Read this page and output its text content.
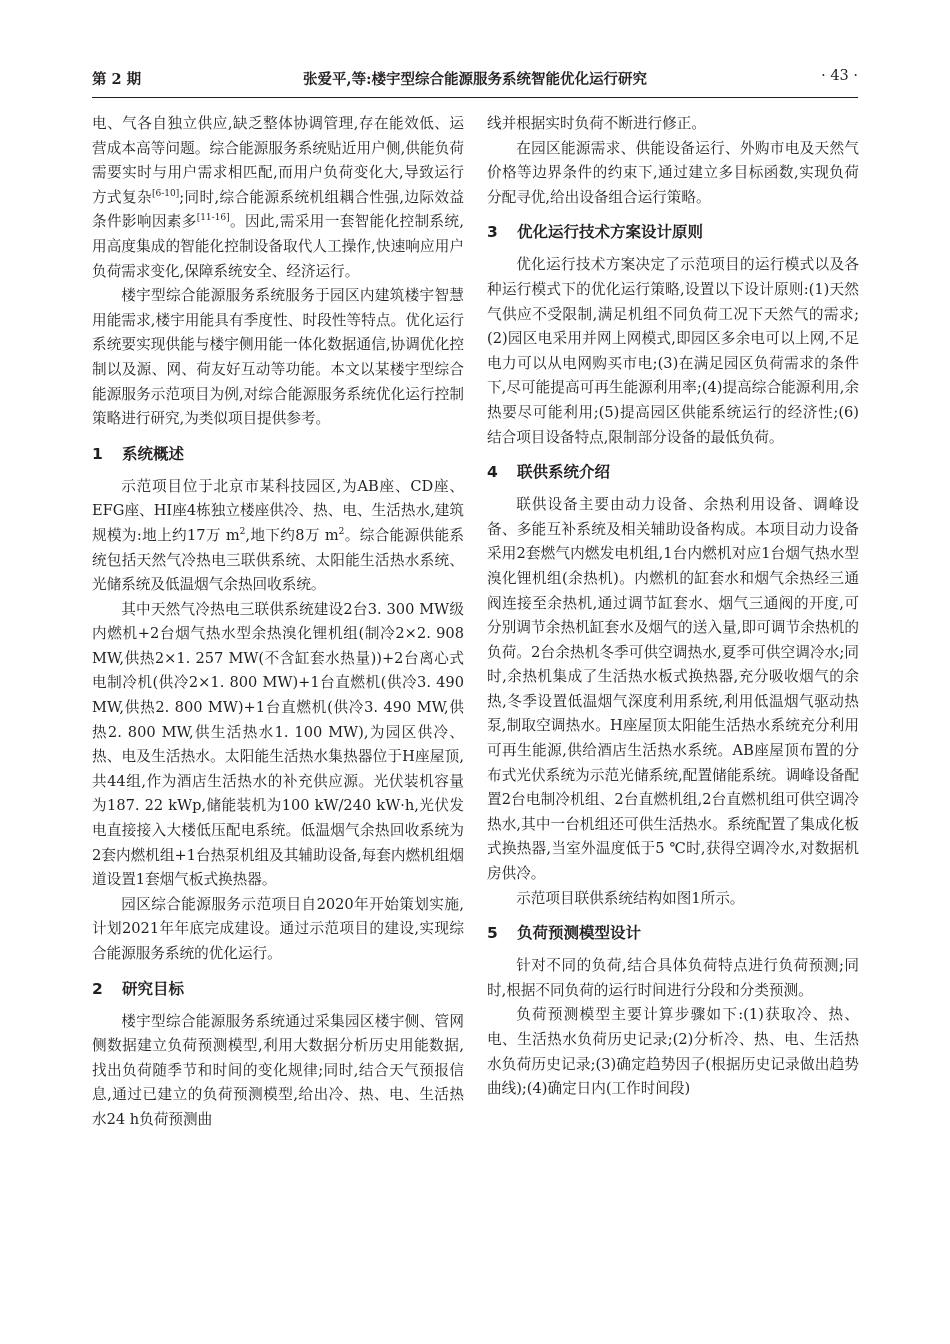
第 2 期	张爱平,等:楼宇型综合能源服务系统智能优化运行研究	· 43 ·

电、气各自独立供应,缺乏整体协调管理,存在能效低、运营成本高等问题。综合能源服务系统贴近用户侧,供能负荷需要实时与用户需求相匹配,而用户负荷变化大,导致运行方式复杂[6-10];同时,综合能源系统机组耦合性强,边际效益条件影响因素多[11-16]。因此,需采用一套智能化控制系统,用高度集成的智能化控制设备取代人工操作,快速响应用户负荷需求变化,保障系统安全、经济运行。

楼宇型综合能源服务系统服务于园区内建筑楼宇智慧用能需求,楼宇用能具有季度性、时段性等特点。优化运行系统要实现供能与楼宇侧用能一体化数据通信,协调优化控制以及源、网、荷友好互动等功能。本文以某楼宇型综合能源服务示范项目为例,对综合能源服务系统优化运行控制策略进行研究,为类似项目提供参考。

1 系统概述

示范项目位于北京市某科技园区,为AB座、CD座、EFG座、HI座4栋独立楼座供冷、热、电、生活热水,建筑规模为:地上约17万 $m^2$,地下约8万 $m^2$。综合能源供能系统包括天然气冷热电三联供系统、太阳能生活热水系统、光储系统及低温烟气余热回收系统。

其中天然气冷热电三联供系统建设2台3. 300 MW级内燃机+2台烟气热水型余热溴化锂机组(制冷2×2. 908 MW,供热2×1. 257 MW(不含缸套水热量))+2台离心式电制冷机(供冷2×1. 800 MW)+1台直燃机(供冷3. 490 MW,供热2. 800 MW)+1台直燃机(供冷3. 490 MW,供热2. 800 MW,供生活热水1. 100 MW),为园区供冷、热、电及生活热水。太阳能生活热水集热器位于H座屋顶,共44组,作为酒店生活热水的补充供应源。光伏装机容量为187. 22 kWp,储能装机为100 kW/240 kW·h,光伏发电直接接入大楼低压配电系统。低温烟气余热回收系统为2套内燃机组+1台热泵机组及其辅助设备,每套内燃机组烟道设置1套烟气板式换热器。

园区综合能源服务示范项目自2020年开始策划实施,计划2021年年底完成建设。通过示范项目的建设,实现综合能源服务系统的优化运行。

2 研究目标

楼宇型综合能源服务系统通过采集园区楼宇侧、管网侧数据建立负荷预测模型,利用大数据分析历史用能数据,找出负荷随季节和时间的变化规律;同时,结合天气预报信息,通过已建立的负荷预测模型,给出冷、热、电、生活热水24 h负荷预测曲

线并根据实时负荷不断进行修正。

在园区能源需求、供能设备运行、外购市电及天然气价格等边界条件的约束下,通过建立多目标函数,实现负荷分配寻优,给出设备组合运行策略。

3 优化运行技术方案设计原则

优化运行技术方案决定了示范项目的运行模式以及各种运行模式下的优化运行策略,设置以下设计原则:(1)天然气供应不受限制,满足机组不同负荷工况下天然气的需求;(2)园区电采用并网上网模式,即园区多余电可以上网,不足电力可以从电网购买市电;(3)在满足园区负荷需求的条件下,尽可能提高可再生能源利用率;(4)提高综合能源利用,余热要尽可能利用;(5)提高园区供能系统运行的经济性;(6)结合项目设备特点,限制部分设备的最低负荷。

4 联供系统介绍

联供设备主要由动力设备、余热利用设备、调峰设备、多能互补系统及相关辅助设备构成。本项目动力设备采用2套燃气内燃发电机组,1台内燃机对应1台烟气热水型溴化锂机组(余热机)。内燃机的缸套水和烟气余热经三通阀连接至余热机,通过调节缸套水、烟气三通阀的开度,可分别调节余热机缸套水及烟气的送入量,即可调节余热机的负荷。2台余热机冬季可供空调热水,夏季可供空调冷水;同时,余热机集成了生活热水板式换热器,充分吸收烟气的余热,冬季设置低温烟气深度利用系统,利用低温烟气驱动热泵,制取空调热水。H座屋顶太阳能生活热水系统充分利用可再生能源,供给酒店生活热水系统。AB座屋顶布置的分布式光伏系统为示范光储系统,配置储能系统。调峰设备配置2台电制冷机组、2台直燃机组,2台直燃机组可供空调冷热水,其中一台机组还可供生活热水。系统配置了集成化板式换热器,当室外温度低于5 ℃时,获得空调冷水,对数据机房供冷。

示范项目联供系统结构如图1所示。

5 负荷预测模型设计

针对不同的负荷,结合具体负荷特点进行负荷预测;同时,根据不同负荷的运行时间进行分段和分类预测。

负荷预测模型主要计算步骤如下:(1)获取冷、热、电、生活热水负荷历史记录;(2)分析冷、热、电、生活热水负荷历史记录;(3)确定趋势因子(根据历史记录做出趋势曲线);(4)确定日内(工作时间段)
